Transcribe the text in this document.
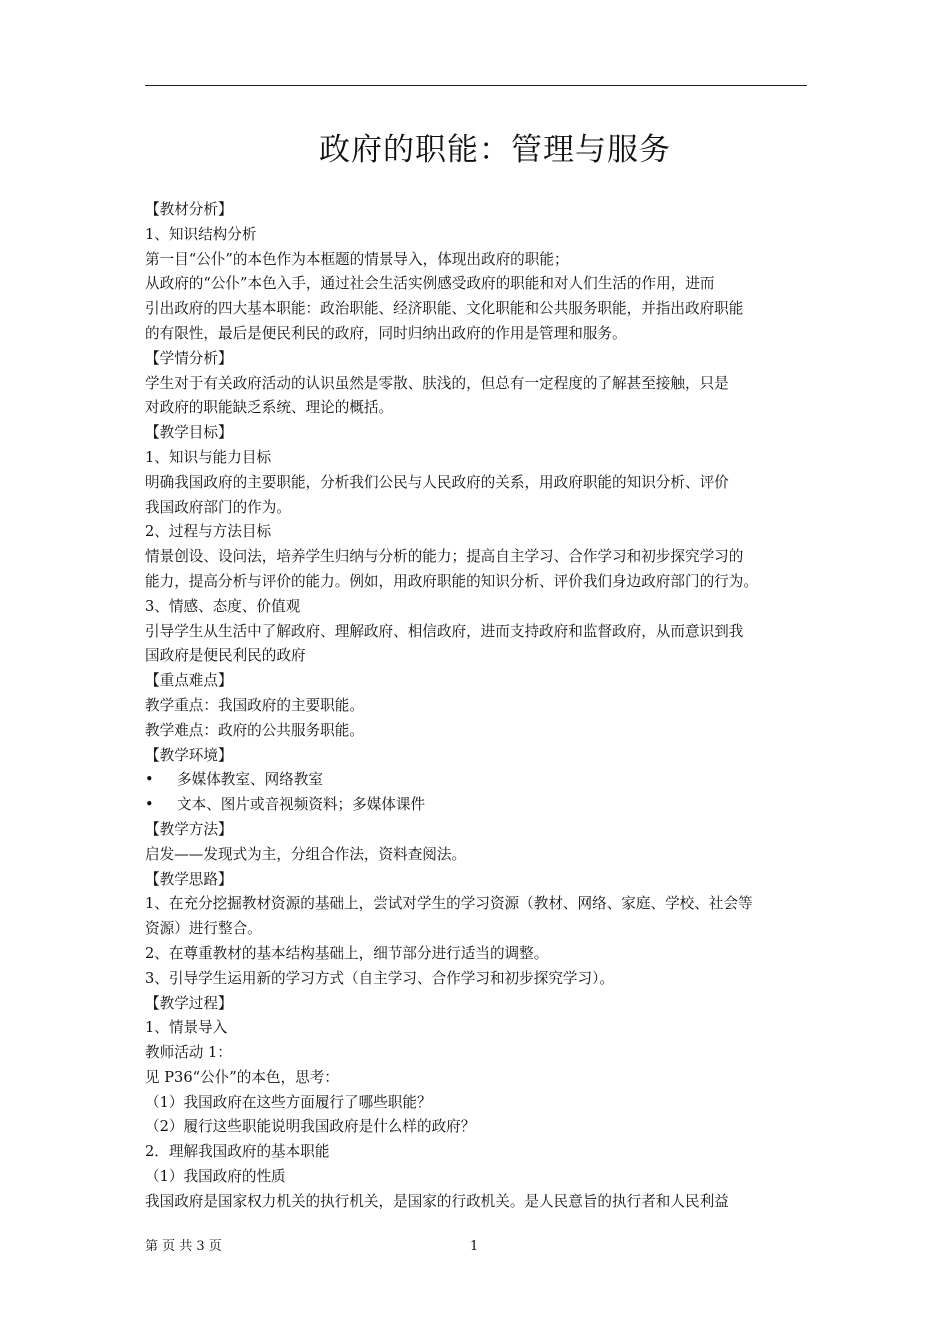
政府的职能：管理与服务
【教材分析】
1、知识结构分析
第一目“公仆”的本色作为本框题的情景导入，体现出政府的职能；
从政府的“公仆”本色入手，通过社会生活实例感受政府的职能和对人们生活的作用，进而
引出政府的四大基本职能：政治职能、经济职能、文化职能和公共服务职能，并指出政府职能
的有限性，最后是便民利民的政府，同时归纳出政府的作用是管理和服务。
【学情分析】
学生对于有关政府活动的认识虽然是零散、肤浅的，但总有一定程度的了解甚至接触，只是
对政府的职能缺乏系统、理论的概括。
【教学目标】
1、知识与能力目标
明确我国政府的主要职能，分析我们公民与人民政府的关系，用政府职能的知识分析、评价
我国政府部门的作为。
2、过程与方法目标
情景创设、设问法，培养学生归纳与分析的能力；提高自主学习、合作学习和初步探究学习的
能力，提高分析与评价的能力。例如，用政府职能的知识分析、评价我们身边政府部门的行为。
3、情感、态度、价值观
引导学生从生活中了解政府、理解政府、相信政府，进而支持政府和监督政府，从而意识到我
国政府是便民利民的政府
【重点难点】
教学重点：我国政府的主要职能。
教学难点：政府的公共服务职能。
【教学环境】
• 多媒体教室、网络教室
• 文本、图片或音视频资料；多媒体课件
【教学方法】
启发——发现式为主，分组合作法，资料查阅法。
【教学思路】
1、在充分挖掘教材资源的基础上，尝试对学生的学习资源（教材、网络、家庭、学校、社会等
资源）进行整合。
2、在尊重教材的基本结构基础上，细节部分进行适当的调整。
3、引导学生运用新的学习方式（自主学习、合作学习和初步探究学习）。
【教学过程】
1、情景导入
教师活动 1：
见 P36“公仆”的本色，思考：
（1）我国政府在这些方面履行了哪些职能？
（2）履行这些职能说明我国政府是什么样的政府？
2．理解我国政府的基本职能
（1）我国政府的性质
我国政府是国家权力机关的执行机关，是国家的行政机关。是人民意旨的执行者和人民利益
第 页 共 3 页	1
